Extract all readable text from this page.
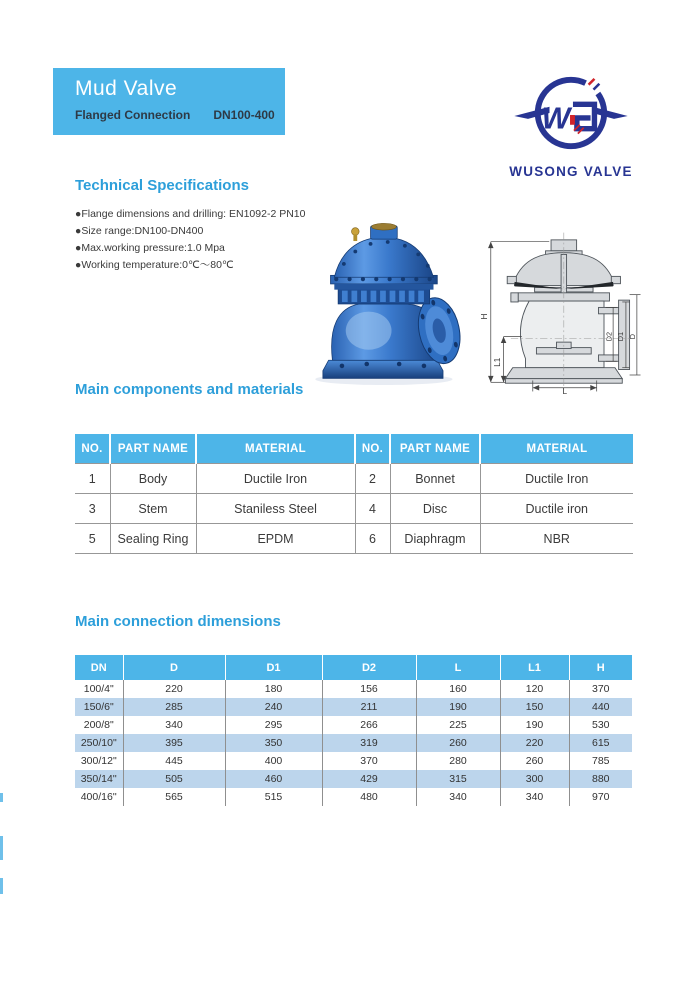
Mud Valve
Flanged Connection DN100-400	W
WUSONG VALVE
Technical Specifications
●Flange dimensions and drilling: EN1092-2 PN10
●Size range:DN100-DN400
●Max.working pressure:1.0 Mpa
●Working temperature:0℃～80℃
H
L1
L
D2 D1 D
Main components and materials
NO.	PART NAME	MATERIAL	NO.	PART NAME	MATERIAL
1	Body	Ductile Iron	2	Bonnet	Ductile Iron
3	Stem	Staniless Steel	4	Disc	Ductile iron
5	Sealing Ring	EPDM	6	Diaphragm	NBR
Main connection dimensions
DN	D	D1	D2	L	L1	H
100/4"	220	180	156	160	120	370
150/6"	285	240	211	190	150	440
200/8"	340	295	266	225	190	530
250/10"	395	350	319	260	220	615
300/12"	445	400	370	280	260	785
350/14''	505	460	429	315	300	880
400/16''	565	515	480	340	340	970
